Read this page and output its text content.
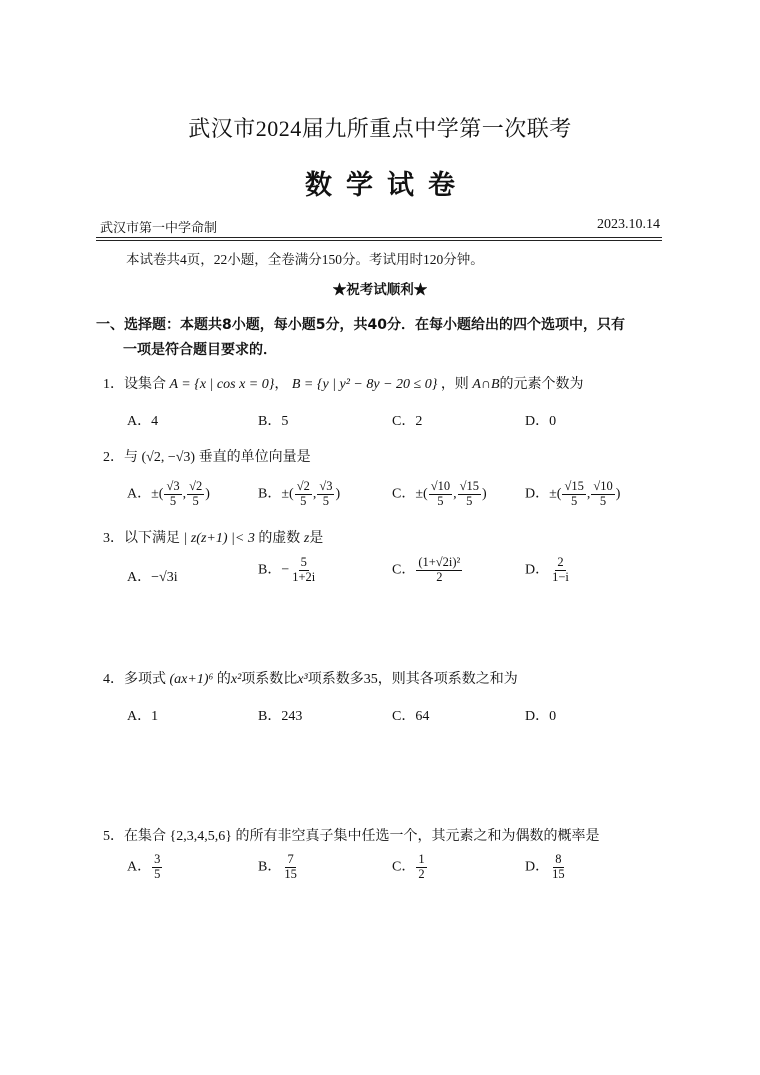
武汉市2024届九所重点中学第一次联考
数学试卷
武汉市第一中学命制	2023.10.14
本试卷共4页，22小题，全卷满分150分。考试用时120分钟。
★祝考试顺利★
一、选择题：本题共8小题，每小题5分，共40分．在每小题给出的四个选项中，只有
一项是符合题目要求的．
1．设集合 A = {x | cos x = 0}， B = {y | y² − 8y − 20 ≤ 0} ，则 A∩B的元素个数为
A．4	B．5	C．2	D．0
2．与 (√2, −√3) 垂直的单位向量是
A．±( $\frac{√3}{5}$ , $\frac{√2}{5}$ )	B．±( $\frac{√2}{5}$ , $\frac{√3}{5}$ )	C．±( $\frac{√10}{5}$ , $\frac{√15}{5}$ )	D．±( $\frac{√15}{5}$ , $\frac{√10}{5}$ )
3．以下满足 | z(z+1) |< 3 的虚数 z是
A．−√3i
B．− $\frac{5}{1+2i}$	C． $\frac{\text{(1+√2i)²}}{2}$	D． $\frac{2}{1-i}$
4．多项式 (ax+1)⁶ 的x²项系数比x³项系数多35，则其各项系数之和为
A．1	B．243	C．64	D．0
5．在集合 {2,3,4,5,6} 的所有非空真子集中任选一个，其元素之和为偶数的概率是
A． $\frac{3}{5}$	B． $\frac{7}{15}$	C． $\frac{1}{2}$	D． $\frac{8}{15}$
